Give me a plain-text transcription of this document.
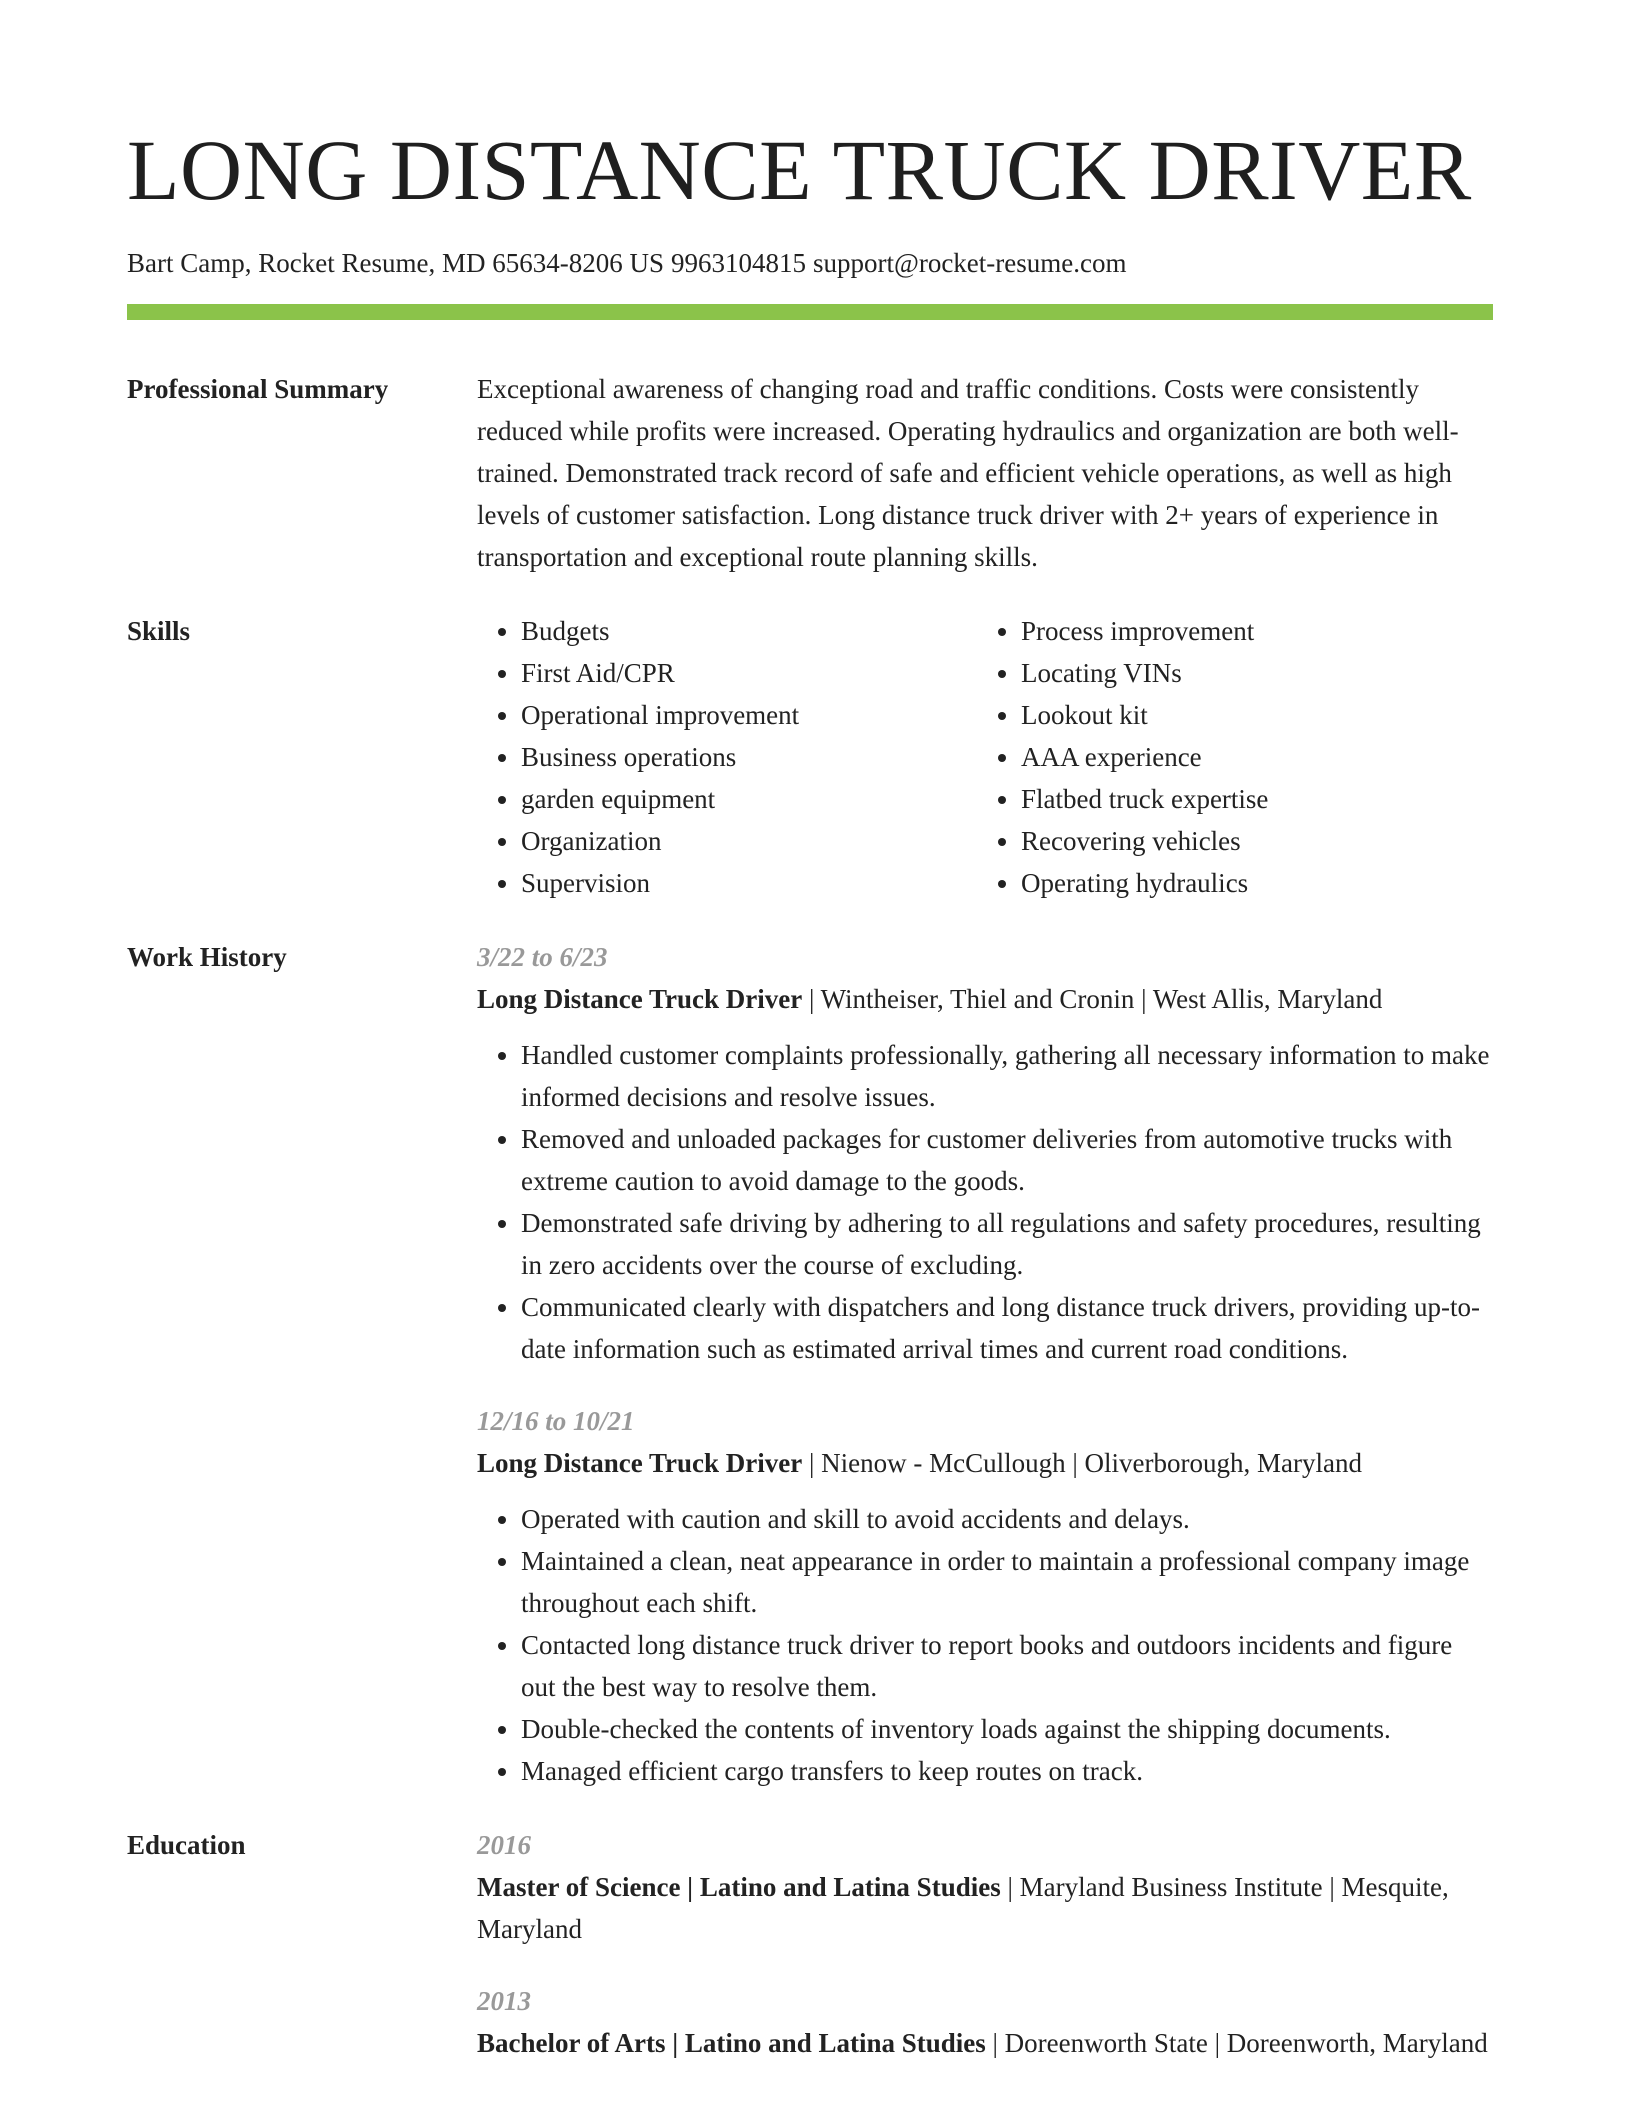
LONG DISTANCE TRUCK DRIVER
Bart Camp, Rocket Resume, MD 65634-8206 US 9963104815 support@rocket-resume.com
Professional Summary	Exceptional awareness of changing road and traffic conditions. Costs were consistently reduced while profits were increased. Operating hydraulics and organization are both well-trained. Demonstrated track record of safe and efficient vehicle operations, as well as high levels of customer satisfaction. Long distance truck driver with 2+ years of experience in transportation and exceptional route planning skills.
Skills
•	Budgets
• First Aid/CPR
• Operational improvement
• Business operations
• garden equipment
• Organization
• Supervision
• Process improvement
• Locating VINs
• Lookout kit
• AAA experience
• Flatbed truck expertise
• Recovering vehicles
• Operating hydraulics
Work History	3/22 to 6/23
Long Distance Truck Driver | Wintheiser, Thiel and Cronin | West Allis, Maryland
• Handled customer complaints professionally, gathering all necessary information to make informed decisions and resolve issues.
• Removed and unloaded packages for customer deliveries from automotive trucks with extreme caution to avoid damage to the goods.
• Demonstrated safe driving by adhering to all regulations and safety procedures, resulting in zero accidents over the course of excluding.
• Communicated clearly with dispatchers and long distance truck drivers, providing up-to-date information such as estimated arrival times and current road conditions.
12/16 to 10/21
Long Distance Truck Driver | Nienow - McCullough | Oliverborough, Maryland
• Operated with caution and skill to avoid accidents and delays.
• Maintained a clean, neat appearance in order to maintain a professional company image throughout each shift.
• Contacted long distance truck driver to report books and outdoors incidents and figure out the best way to resolve them.
• Double-checked the contents of inventory loads against the shipping documents.
• Managed efficient cargo transfers to keep routes on track.
Education	2016
Master of Science | Latino and Latina Studies | Maryland Business Institute | Mesquite, Maryland
2013
Bachelor of Arts | Latino and Latina Studies | Doreenworth State | Doreenworth, Maryland
